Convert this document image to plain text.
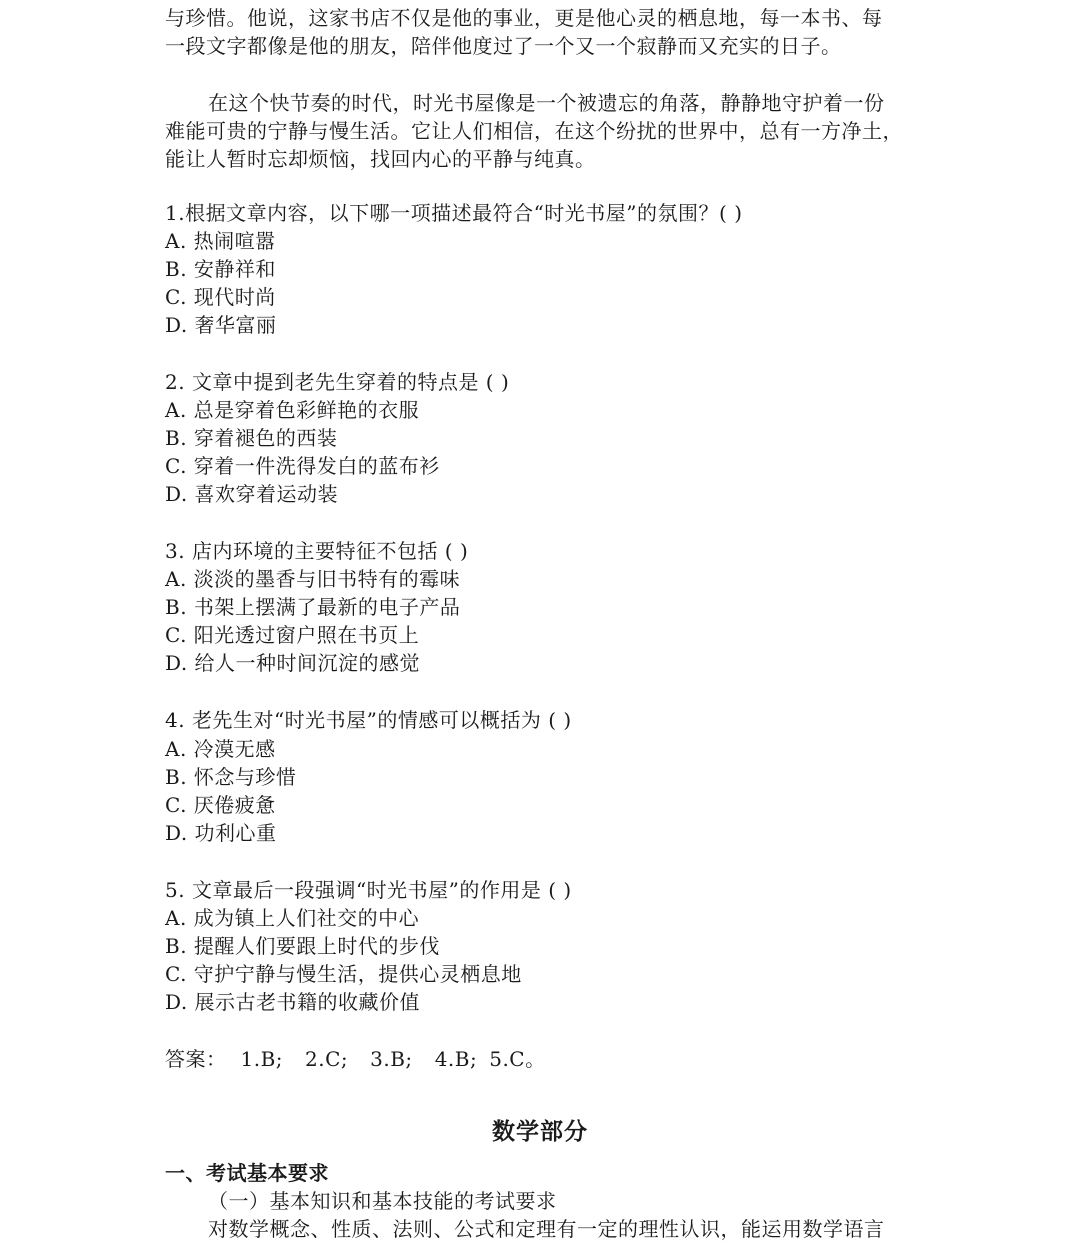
与珍惜。他说，这家书店不仅是他的事业，更是他心灵的栖息地，每一本书、每
一段文字都像是他的朋友，陪伴他度过了一个又一个寂静而又充实的日子。
在这个快节奏的时代，时光书屋像是一个被遗忘的角落，静静地守护着一份
难能可贵的宁静与慢生活。它让人们相信，在这个纷扰的世界中，总有一方净土，
能让人暂时忘却烦恼，找回内心的平静与纯真。
1.根据文章内容，以下哪一项描述最符合“时光书屋”的氛围？( )
A. 热闹喧嚣
B. 安静祥和
C. 现代时尚
D. 奢华富丽
2. 文章中提到老先生穿着的特点是 ( )
A. 总是穿着色彩鲜艳的衣服
B. 穿着褪色的西装
C. 穿着一件洗得发白的蓝布衫
D. 喜欢穿着运动装
3. 店内环境的主要特征不包括 ( )
A. 淡淡的墨香与旧书特有的霉味
B. 书架上摆满了最新的电子产品
C. 阳光透过窗户照在书页上
D. 给人一种时间沉淀的感觉
4. 老先生对“时光书屋”的情感可以概括为 ( )
A. 冷漠无感
B. 怀念与珍惜
C. 厌倦疲惫
D. 功利心重
5. 文章最后一段强调“时光书屋”的作用是 ( )
A. 成为镇上人们社交的中心
B. 提醒人们要跟上时代的步伐
C. 守护宁静与慢生活，提供心灵栖息地
D. 展示古老书籍的收藏价值
答案： 1.B; 2.C; 3.B; 4.B; 5.C。
数学部分
一、考试基本要求
（一）基本知识和基本技能的考试要求
对数学概念、性质、法则、公式和定理有一定的理性认识，能运用数学语言
